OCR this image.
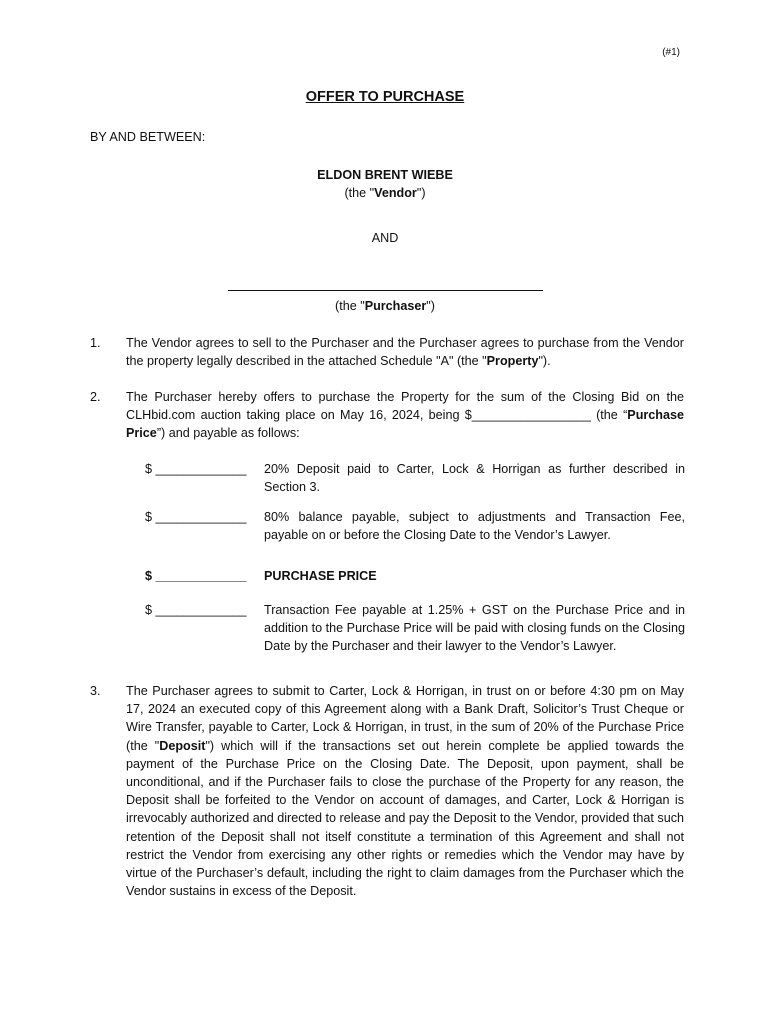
(#1)
OFFER TO PURCHASE
BY AND BETWEEN:
ELDON BRENT WIEBE
(the "Vendor")
AND
(the "Purchaser")
1. The Vendor agrees to sell to the Purchaser and the Purchaser agrees to purchase from the Vendor the property legally described in the attached Schedule "A" (the "Property").
2. The Purchaser hereby offers to purchase the Property for the sum of the Closing Bid on the CLHbid.com auction taking place on May 16, 2024, being $_________________ (the “Purchase Price”) and payable as follows:
$ _____________ 20% Deposit paid to Carter, Lock & Horrigan as further described in Section 3.
$ _____________ 80% balance payable, subject to adjustments and Transaction Fee, payable on or before the Closing Date to the Vendor’s Lawyer.
$ _____________ PURCHASE PRICE
$ _____________ Transaction Fee payable at 1.25% + GST on the Purchase Price and in addition to the Purchase Price will be paid with closing funds on the Closing Date by the Purchaser and their lawyer to the Vendor’s Lawyer.
3. The Purchaser agrees to submit to Carter, Lock & Horrigan, in trust on or before 4:30 pm on May 17, 2024 an executed copy of this Agreement along with a Bank Draft, Solicitor’s Trust Cheque or Wire Transfer, payable to Carter, Lock & Horrigan, in trust, in the sum of 20% of the Purchase Price (the "Deposit") which will if the transactions set out herein complete be applied towards the payment of the Purchase Price on the Closing Date. The Deposit, upon payment, shall be unconditional, and if the Purchaser fails to close the purchase of the Property for any reason, the Deposit shall be forfeited to the Vendor on account of damages, and Carter, Lock & Horrigan is irrevocably authorized and directed to release and pay the Deposit to the Vendor, provided that such retention of the Deposit shall not itself constitute a termination of this Agreement and shall not restrict the Vendor from exercising any other rights or remedies which the Vendor may have by virtue of the Purchaser’s default, including the right to claim damages from the Purchaser which the Vendor sustains in excess of the Deposit.
